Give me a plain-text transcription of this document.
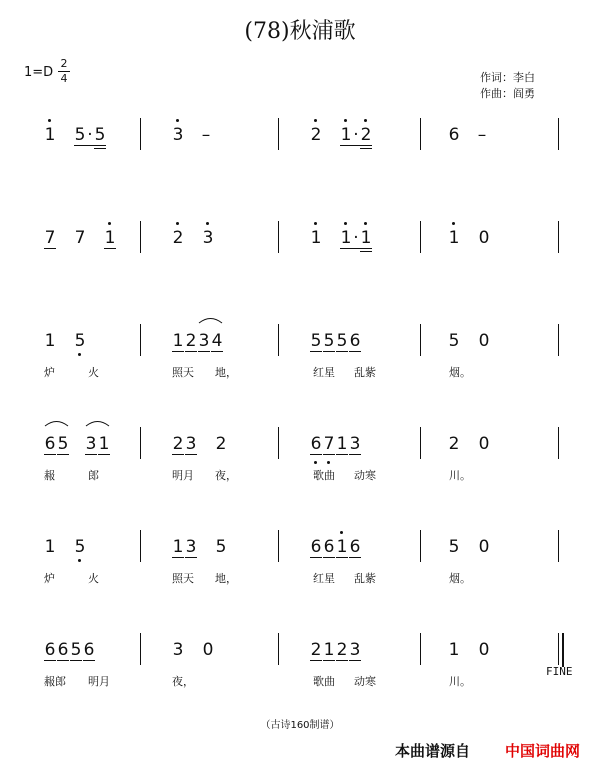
(78)秋浦歌
$1=D \frac{2}{4}$	作词：李白
作曲：阎勇
1 5 · 5	3 –	2 1 · 2	6 –
7 7 1	2 3	1 1 · 1	1 0
1 5	1 2 3 4	5 5 5 6	5 0
炉	火	照天 地，	红星 乱紫	烟。
6 5 3 1	2 3 2	6 7 1 3	2 0
赧	郎	明月 夜，	歌曲 动寒	川。
1 5	1 3 5	6 6 1 6	5 0
炉	火	照天 地，	红星 乱紫	烟。
6 6 5 6	3 0	2 1 2 3	1 0
赧郎 明月	夜，	歌曲 动寒	川。
FINE
（古诗160制谱）
本曲谱源自 中国词曲网
